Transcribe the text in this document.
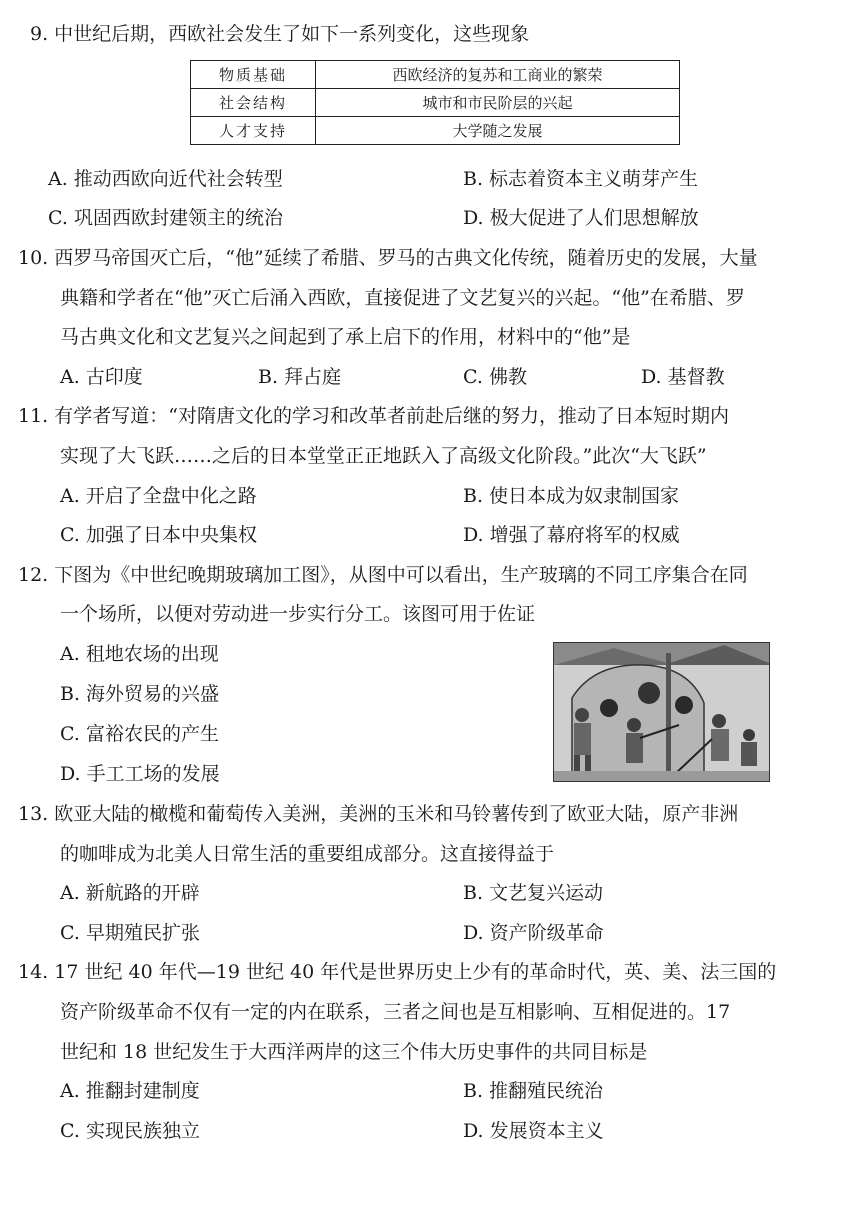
9. 中世纪后期，西欧社会发生了如下一系列变化，这些现象
物质基础	西欧经济的复苏和工商业的繁荣
社会结构	城市和市民阶层的兴起
人才支持	大学随之发展
A. 推动西欧向近代社会转型	B. 标志着资本主义萌芽产生
C. 巩固西欧封建领主的统治	D. 极大促进了人们思想解放
10. 西罗马帝国灭亡后，“他”延续了希腊、罗马的古典文化传统，随着历史的发展，大量
典籍和学者在“他”灭亡后涌入西欧，直接促进了文艺复兴的兴起。“他”在希腊、罗
马古典文化和文艺复兴之间起到了承上启下的作用，材料中的“他”是
A. 古印度	B. 拜占庭	C. 佛教	D. 基督教
11. 有学者写道：“对隋唐文化的学习和改革者前赴后继的努力，推动了日本短时期内
实现了大飞跃……之后的日本堂堂正正地跃入了高级文化阶段。”此次“大飞跃”
A. 开启了全盘中化之路	B. 使日本成为奴隶制国家
C. 加强了日本中央集权	D. 增强了幕府将军的权威
12. 下图为《中世纪晚期玻璃加工图》，从图中可以看出，生产玻璃的不同工序集合在同
一个场所，以便对劳动进一步实行分工。该图可用于佐证
A. 租地农场的出现
B. 海外贸易的兴盛
C. 富裕农民的产生
D. 手工工场的发展
13. 欧亚大陆的橄榄和葡萄传入美洲，美洲的玉米和马铃薯传到了欧亚大陆，原产非洲
的咖啡成为北美人日常生活的重要组成部分。这直接得益于
A. 新航路的开辟	B. 文艺复兴运动
C. 早期殖民扩张	D. 资产阶级革命
14. 17 世纪 40 年代—19 世纪 40 年代是世界历史上少有的革命时代，英、美、法三国的
资产阶级革命不仅有一定的内在联系，三者之间也是互相影响、互相促进的。17
世纪和 18 世纪发生于大西洋两岸的这三个伟大历史事件的共同目标是
A. 推翻封建制度	B. 推翻殖民统治
C. 实现民族独立	D. 发展资本主义
